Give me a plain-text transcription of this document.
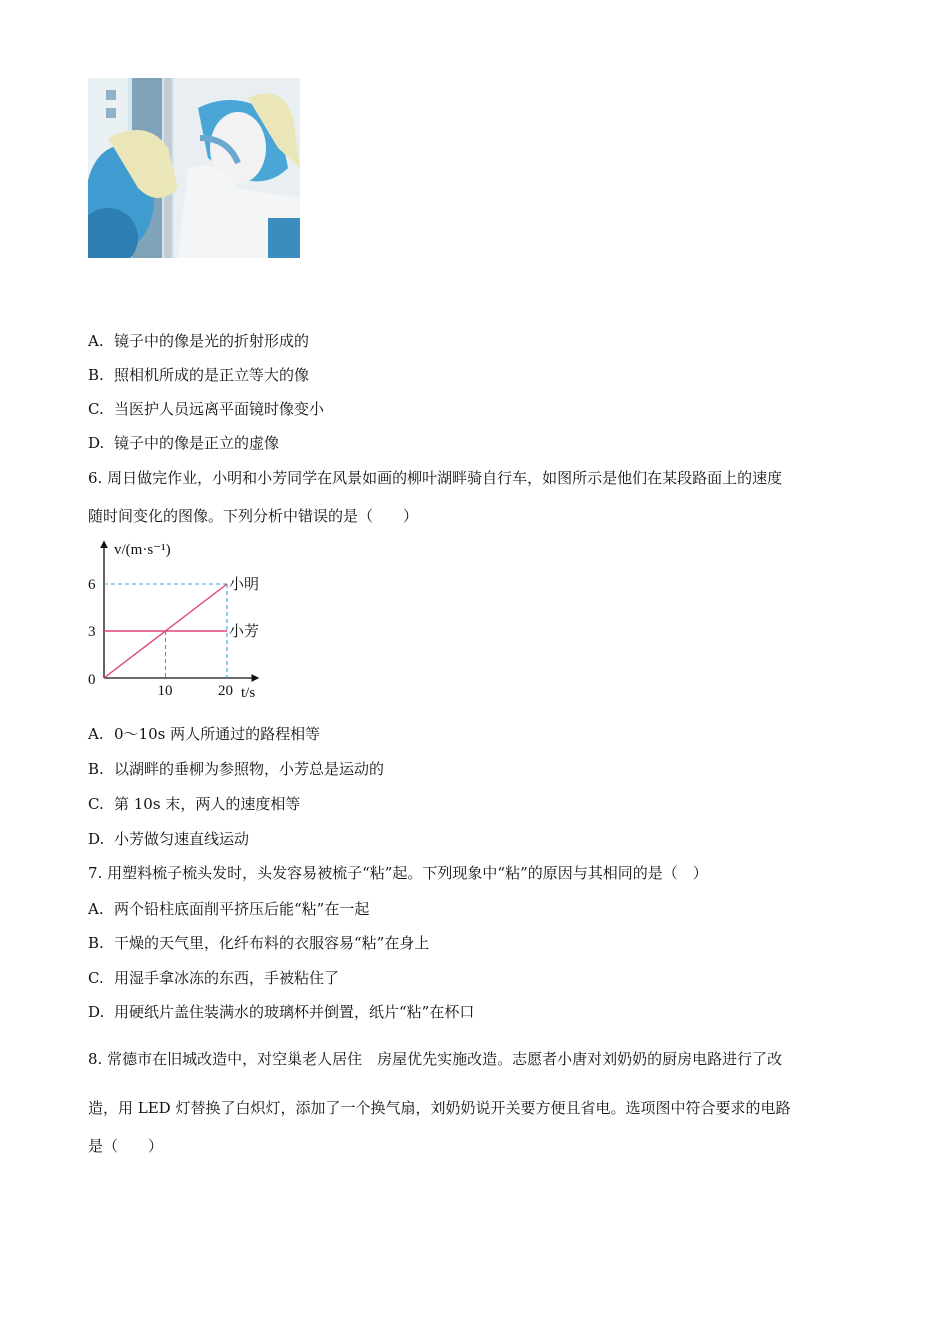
A. 镜子中的像是光的折射形成的
B. 照相机所成的是正立等大的像
C. 当医护人员远离平面镜时像变小
D. 镜子中的像是正立的虚像
6. 周日做完作业，小明和小芳同学在风景如画的柳叶湖畔骑自行车，如图所示是他们在某段路面上的速度
随时间变化的图像。下列分析中错误的是（　　）
v/(m·s⁻¹)
t/s
0
10	20
3
6	小明
小芳
A. 0～10s 两人所通过的路程相等
B. 以湖畔的垂柳为参照物，小芳总是运动的
C. 第 10s 末，两人的速度相等
D. 小芳做匀速直线运动
7. 用塑料梳子梳头发时，头发容易被梳子“粘”起。下列现象中“粘”的原因与其相同的是（　）
A. 两个铅柱底面削平挤压后能“粘”在一起
B. 干燥的天气里，化纤布料的衣服容易“粘”在身上
C. 用湿手拿冰冻的东西，手被粘住了
D. 用硬纸片盖住装满水的玻璃杯并倒置，纸片“粘”在杯口
8. 常德市在旧城改造中，对空巢老人居住　房屋优先实施改造。志愿者小唐对刘奶奶的厨房电路进行了改
造，用 LED 灯替换了白炽灯，添加了一个换气扇，刘奶奶说开关要方便且省电。选项图中符合要求的电路
是（　　）
